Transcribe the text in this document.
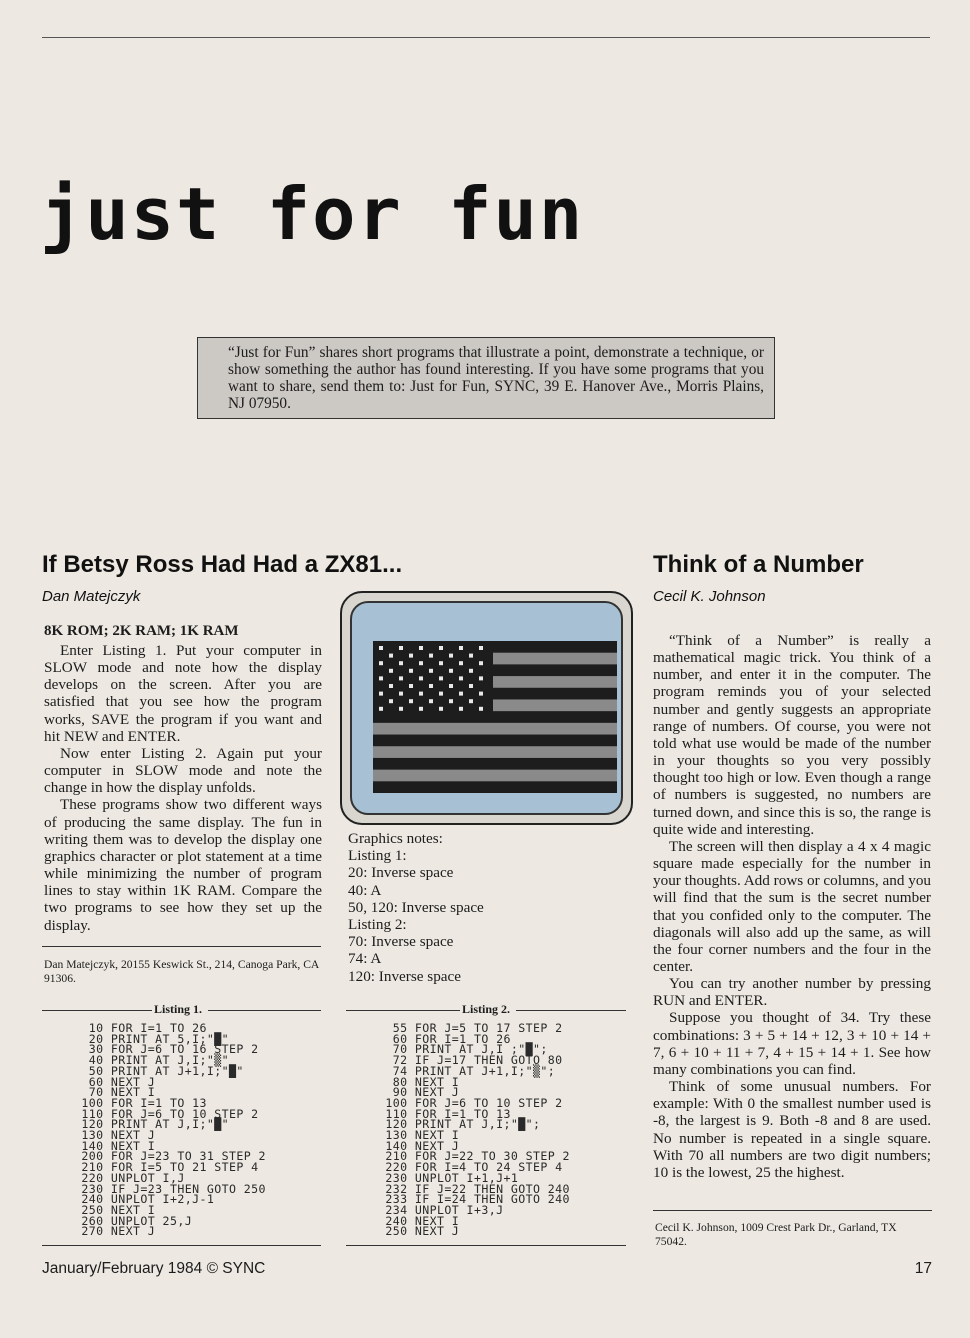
just for fun
“Just for Fun” shares short programs that illustrate a point, demonstrate a technique, or show something the author has found interesting. If you have some programs that you want to share, send them to: Just for Fun, SYNC, 39 E. Hanover Ave., Morris Plains, NJ 07950.
If Betsy Ross Had Had a ZX81...
Dan Matejczyk
8K ROM; 2K RAM; 1K RAM

Enter Listing 1. Put your computer in SLOW mode and note how the display develops on the screen. After you are satisfied that you see how the program works, SAVE the program if you want and hit NEW and ENTER.

Now enter Listing 2. Again put your computer in SLOW mode and note the change in how the display unfolds.

These programs show two different ways of producing the same display. The fun in writing them was to develop the display one graphics character or plot statement at a time while minimizing the number of program lines to stay within 1K RAM. Compare the two programs to see how they set up the display.

Dan Matejczyk, 20155 Keswick St., 214, Canoga Park, CA 91306.
Graphics notes:
Listing 1:
20: Inverse space
40: A
50, 120: Inverse space
Listing 2:
70: Inverse space
74: A
120: Inverse space
Listing 1.
10 FOR I=1 TO 26
20 PRINT AT 5,I;"█"
30 FOR J=6 TO 16 STEP 2
40 PRINT AT J,I;"▒"
50 PRINT AT J+1,I;"█"
60 NEXT J
70 NEXT I
100 FOR I=1 TO 13
110 FOR J=6 TO 10 STEP 2
120 PRINT AT J,I;"█"
130 NEXT J
140 NEXT I
200 FOR J=23 TO 31 STEP 2
210 FOR I=5 TO 21 STEP 4
220 UNPLOT I,J
230 IF J=23 THEN GOTO 250
240 UNPLOT I+2,J-1
250 NEXT I
260 UNPLOT 25,J
270 NEXT J
Listing 2.
55 FOR J=5 TO 17 STEP 2
60 FOR I=1 TO 26
70 PRINT AT J,I ;"█";
72 IF J=17 THEN GOTO 80
74 PRINT AT J+1,I;"▒";
80 NEXT I
90 NEXT J
100 FOR J=6 TO 10 STEP 2
110 FOR I=1 TO 13
120 PRINT AT J,I;"█";
130 NEXT I
140 NEXT J
210 FOR J=22 TO 30 STEP 2
220 FOR I=4 TO 24 STEP 4
230 UNPLOT I+1,J+1
232 IF J=22 THEN GOTO 240
233 IF I=24 THEN GOTO 240
234 UNPLOT I+3,J
240 NEXT I
250 NEXT J
Think of a Number
Cecil K. Johnson

“Think of a Number” is really a mathematical magic trick. You think of a number, and enter it in the computer. The program reminds you of your selected number and gently suggests an appropriate range of numbers. Of course, you were not told what use would be made of the number in your thoughts so you very possibly thought too high or low. Even though a range of numbers is suggested, no numbers are turned down, and since this is so, the range is quite wide and interesting.

The screen will then display a 4 x 4 magic square made especially for the number in your thoughts. Add rows or columns, and you will find that the sum is the secret number that you confided only to the computer. The diagonals will also add up the same, as will the four corner numbers and the four in the center.

You can try another number by pressing RUN and ENTER.

Suppose you thought of 34. Try these combinations: 3 + 5 + 14 + 12, 3 + 10 + 14 + 7, 6 + 10 + 11 + 7, 4 + 15 + 14 + 1. See how many combinations you can find.

Think of some unusual numbers. For example: With 0 the smallest number used is -8, the largest is 9. Both -8 and 8 are used. No number is repeated in a single square. With 70 all numbers are two digit numbers; 10 is the lowest, 25 the highest.

Cecil K. Johnson, 1009 Crest Park Dr., Garland, TX 75042.
January/February 1984 © SYNC	17
